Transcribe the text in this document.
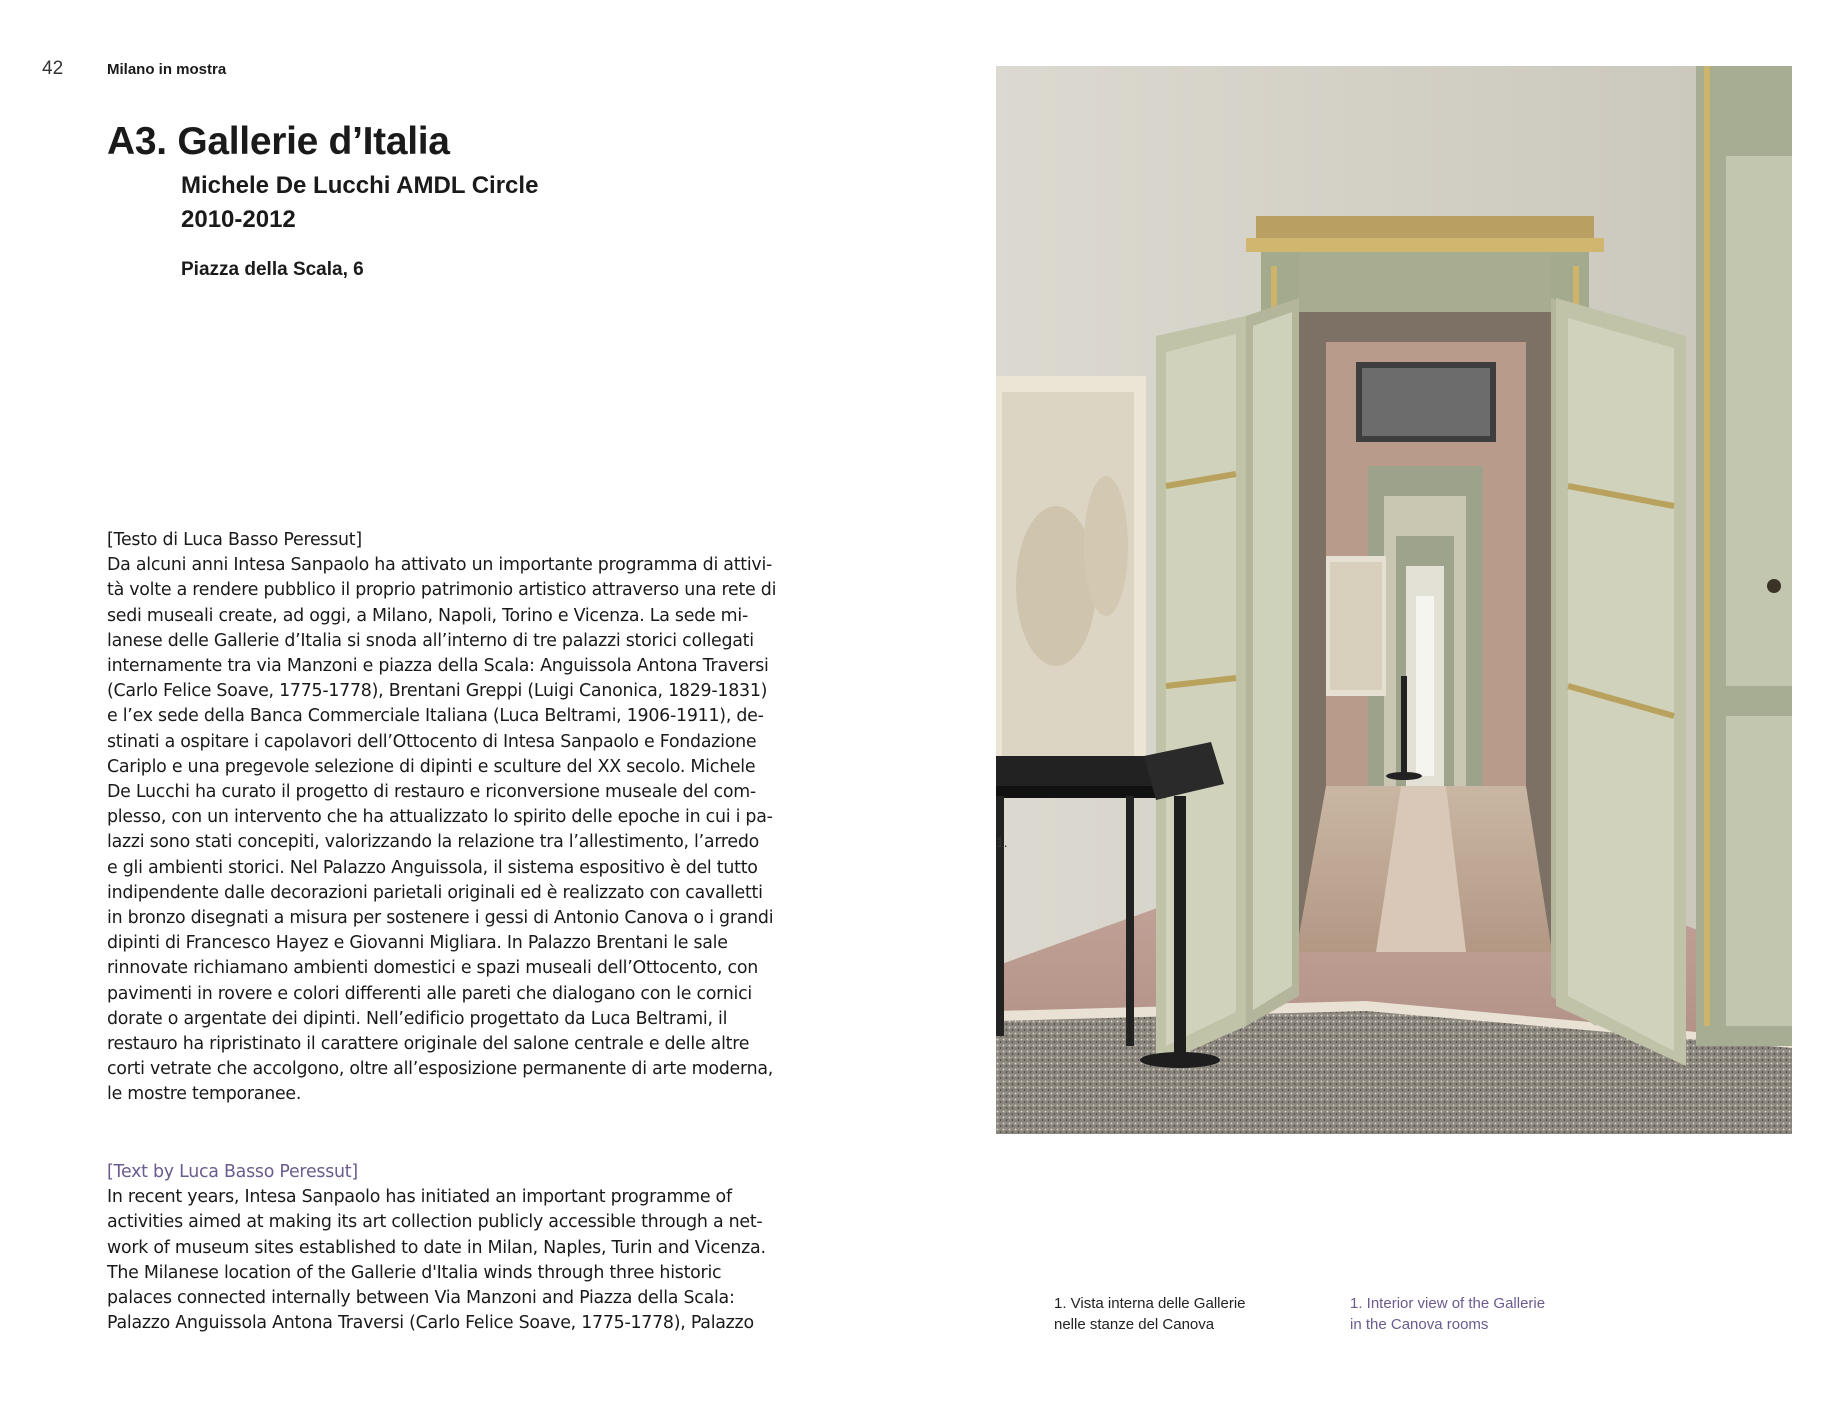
42	Milano in mostra
A3. Gallerie d’Italia
Michele De Lucchi AMDL Circle
2010-2012
Piazza della Scala, 6
[Testo di Luca Basso Peressut]
Da alcuni anni Intesa Sanpaolo ha attivato un importante programma di attivi-
tà volte a rendere pubblico il proprio patrimonio artistico attraverso una rete di
sedi museali create, ad oggi, a Milano, Napoli, Torino e Vicenza. La sede mi-
lanese delle Gallerie d’Italia si snoda all’interno di tre palazzi storici collegati
internamente tra via Manzoni e piazza della Scala: Anguissola Antona Traversi
(Carlo Felice Soave, 1775-1778), Brentani Greppi (Luigi Canonica, 1829-1831)
e l’ex sede della Banca Commerciale Italiana (Luca Beltrami, 1906-1911), de-
stinati a ospitare i capolavori dell’Ottocento di Intesa Sanpaolo e Fondazione
Cariplo e una pregevole selezione di dipinti e sculture del XX secolo. Michele
De Lucchi ha curato il progetto di restauro e riconversione museale del com-
plesso, con un intervento che ha attualizzato lo spirito delle epoche in cui i pa-
lazzi sono stati concepiti, valorizzando la relazione tra l’allestimento, l’arredo
e gli ambienti storici. Nel Palazzo Anguissola, il sistema espositivo è del tutto
indipendente dalle decorazioni parietali originali ed è realizzato con cavalletti
in bronzo disegnati a misura per sostenere i gessi di Antonio Canova o i grandi
dipinti di Francesco Hayez e Giovanni Migliara. In Palazzo Brentani le sale
rinnovate richiamano ambienti domestici e spazi museali dell’Ottocento, con
pavimenti in rovere e colori differenti alle pareti che dialogano con le cornici
dorate o argentate dei dipinti. Nell’edificio progettato da Luca Beltrami, il
restauro ha ripristinato il carattere originale del salone centrale e delle altre
corti vetrate che accolgono, oltre all’esposizione permanente di arte moderna,
le mostre temporanee.
[Text by Luca Basso Peressut]
In recent years, Intesa Sanpaolo has initiated an important programme of
activities aimed at making its art collection publicly accessible through a net-
work of museum sites established to date in Milan, Naples, Turin and Vicenza.
The Milanese location of the Gallerie d'Italia winds through three historic
palaces connected internally between Via Manzoni and Piazza della Scala:
Palazzo Anguissola Antona Traversi (Carlo Felice Soave, 1775-1778), Palazzo
1.
1. Vista interna delle Gallerie
nelle stanze del Canova
1. Interior view of the Gallerie
in the Canova rooms
